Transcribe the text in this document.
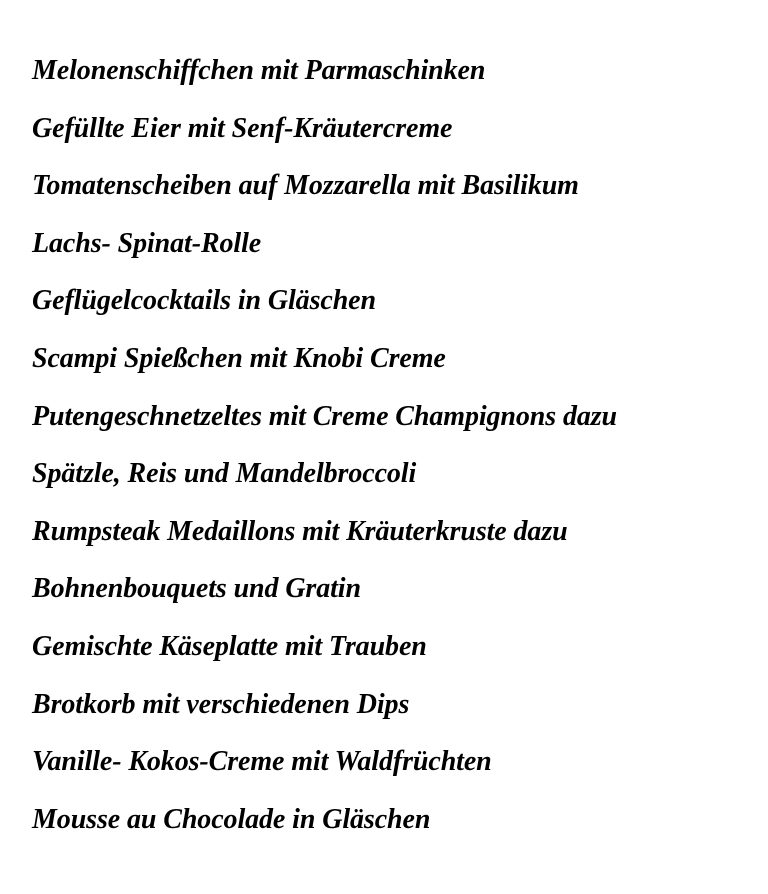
Melonenschiffchen mit Parmaschinken
Gefüllte Eier mit Senf-Kräutercreme
Tomatenscheiben auf Mozzarella mit Basilikum
Lachs- Spinat-Rolle
Geflügelcocktails in Gläschen
Scampi Spießchen mit Knobi Creme
Putengeschnetzeltes mit Creme Champignons dazu
Spätzle, Reis und Mandelbroccoli
Rumpsteak Medaillons mit Kräuterkruste dazu
Bohnenbouquets und Gratin
Gemischte Käseplatte mit Trauben
Brotkorb mit verschiedenen Dips
Vanille- Kokos-Creme mit Waldfrüchten
Mousse au Chocolade in Gläschen
